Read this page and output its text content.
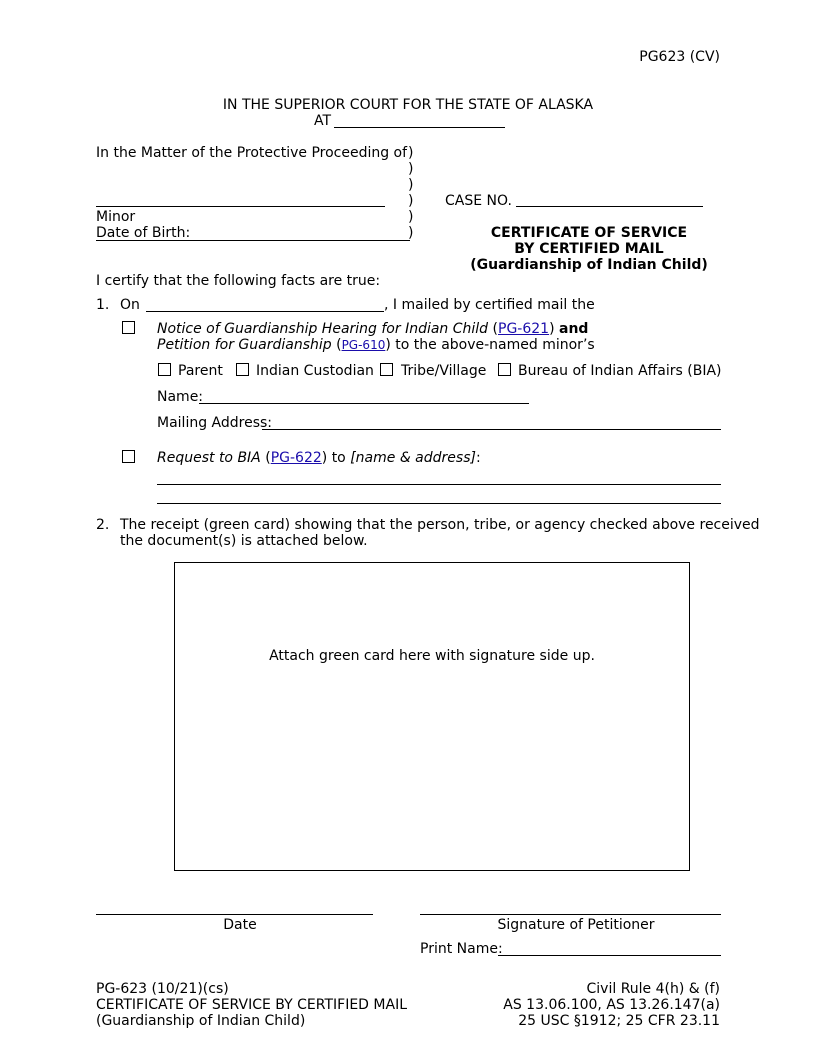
PG623 (CV)
IN THE SUPERIOR COURT FOR THE STATE OF ALASKA
AT
In the Matter of the Protective Proceeding of )
)
)
)
)
)
Minor
Date of Birth:
CASE NO.
CERTIFICATE OF SERVICE
BY CERTIFIED MAIL
(Guardianship of Indian Child)
I certify that the following facts are true:
1. On	, I mailed by certified mail the
Notice of Guardianship Hearing for Indian Child (PG-621) and
Petition for Guardianship (PG-610) to the above-named minor’s
Parent Indian Custodian Tribe/Village Bureau of Indian Affairs (BIA)
Name:
Mailing Address:
Request to BIA (PG-622) to [name & address]:
2. The receipt (green card) showing that the person, tribe, or agency checked above received
the document(s) is attached below.
Attach green card here with signature side up.
Date	Signature of Petitioner
Print Name:
PG-623 (10/21)(cs)
CERTIFICATE OF SERVICE BY CERTIFIED MAIL
(Guardianship of Indian Child)
Civil Rule 4(h) & (f)
AS 13.06.100, AS 13.26.147(a)
25 USC §1912; 25 CFR 23.11
